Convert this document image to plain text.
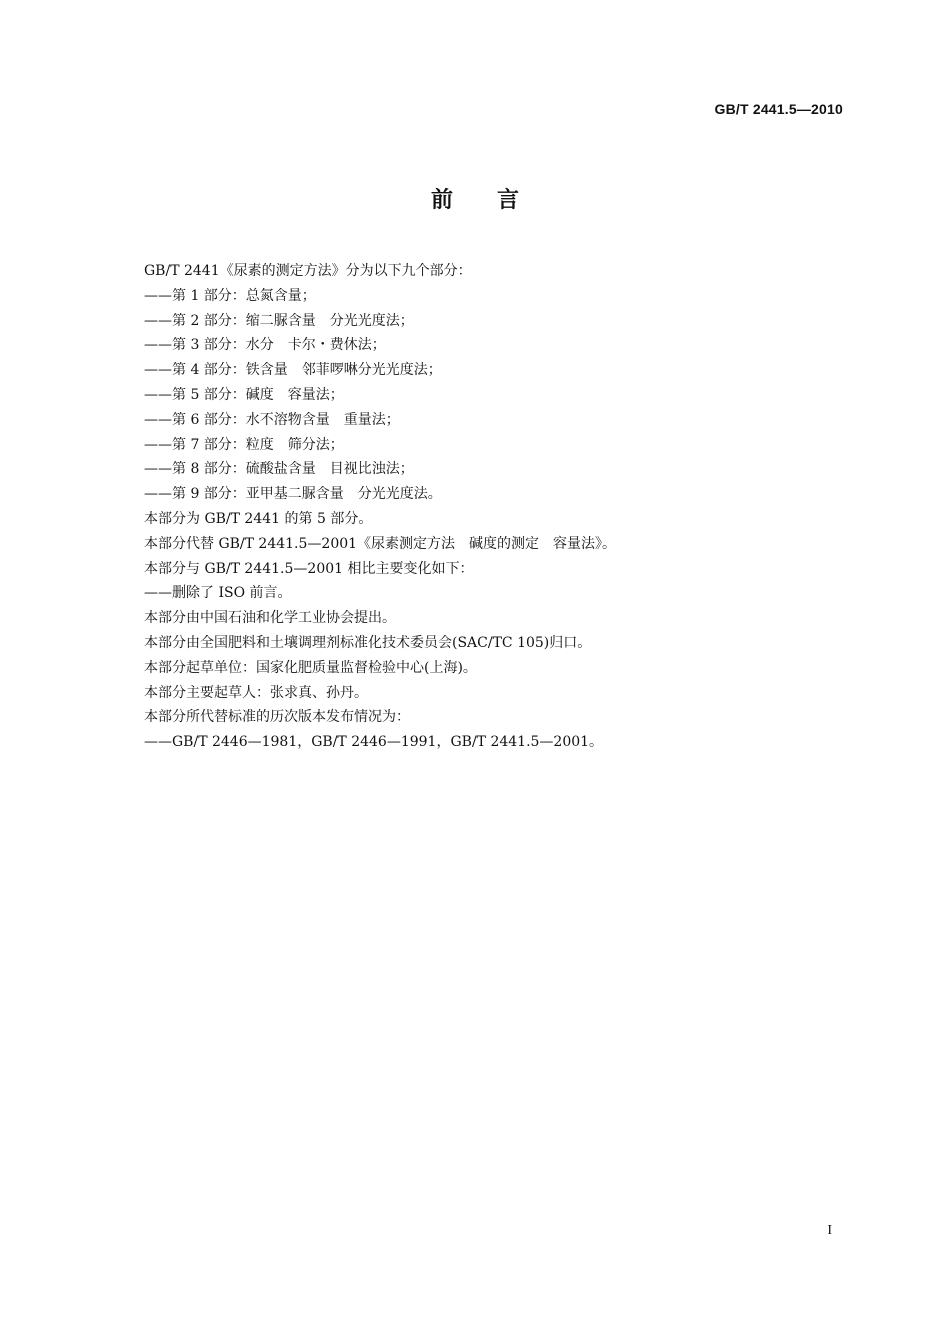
GB/T 2441.5—2010
前言
GB/T 2441《尿素的测定方法》分为以下九个部分：
——第 1 部分：总氮含量；
——第 2 部分：缩二脲含量　分光光度法；
——第 3 部分：水分　卡尔・费休法；
——第 4 部分：铁含量　邻菲啰啉分光光度法；
——第 5 部分：碱度　容量法；
——第 6 部分：水不溶物含量　重量法；
——第 7 部分：粒度　筛分法；
——第 8 部分：硫酸盐含量　目视比浊法；
——第 9 部分：亚甲基二脲含量　分光光度法。
本部分为 GB/T 2441 的第 5 部分。
本部分代替 GB/T 2441.5—2001《尿素测定方法　碱度的测定　容量法》。
本部分与 GB/T 2441.5—2001 相比主要变化如下：
——删除了 ISO 前言。
本部分由中国石油和化学工业协会提出。
本部分由全国肥料和土壤调理剂标准化技术委员会(SAC/TC 105)归口。
本部分起草单位：国家化肥质量监督检验中心(上海)。
本部分主要起草人：张求真、孙丹。
本部分所代替标准的历次版本发布情况为：
——GB/T 2446—1981，GB/T 2446—1991，GB/T 2441.5—2001。
I
